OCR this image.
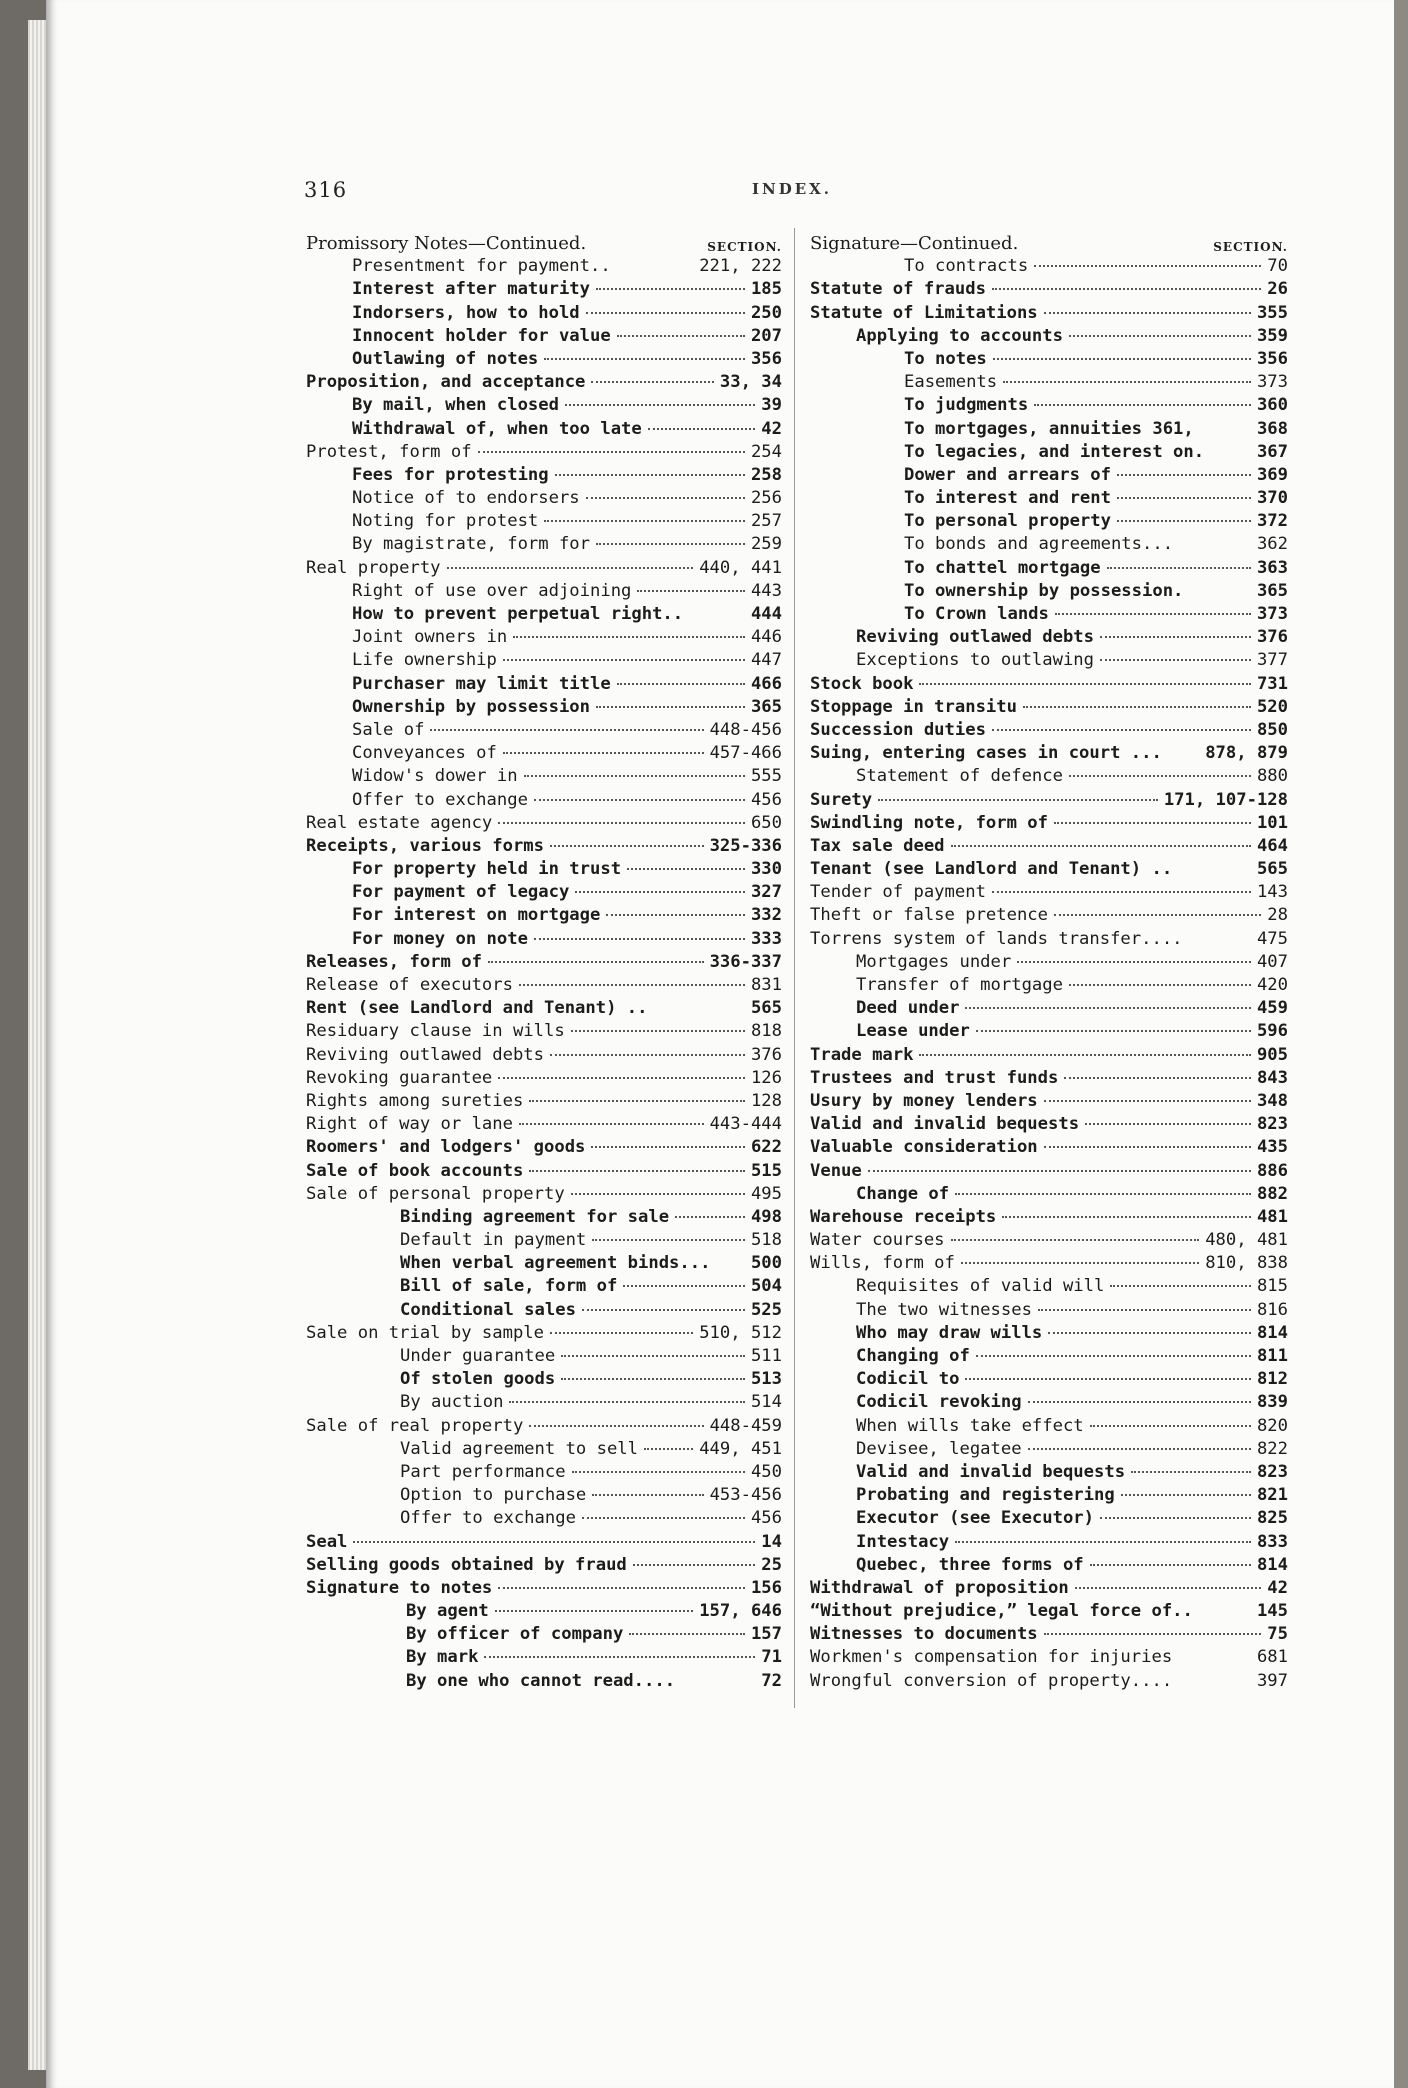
316	INDEX.
Promissory Notes—Continued.	SECTION.
Presentment for payment..	221, 222
Interest after maturity	185
Indorsers, how to hold	250
Innocent holder for value	207
Outlawing of notes	356
Proposition, and acceptance	33, 34
By mail, when closed	39
Withdrawal of, when too late	42
Protest, form of	254
Fees for protesting	258
Notice of to endorsers	256
Noting for protest	257
By magistrate, form for	259
Real property	440, 441
Right of use over adjoining	443
How to prevent perpetual right..	444
Joint owners in	446
Life ownership	447
Purchaser may limit title	466
Ownership by possession	365
Sale of	448-456
Conveyances of	457-466
Widow's dower in	555
Offer to exchange	456
Real estate agency	650
Receipts, various forms	325-336
For property held in trust	330
For payment of legacy	327
For interest on mortgage	332
For money on note	333
Releases, form of	336-337
Release of executors	831
Rent (see Landlord and Tenant) ..	565
Residuary clause in wills	818
Reviving outlawed debts	376
Revoking guarantee	126
Rights among sureties	128
Right of way or lane	443-444
Roomers' and lodgers' goods	622
Sale of book accounts	515
Sale of personal property	495
Binding agreement for sale	498
Default in payment	518
When verbal agreement binds... 500
Bill of sale, form of	504
Conditional sales	525
Sale on trial by sample	510, 512
Under guarantee	511
Of stolen goods	513
By auction	514
Sale of real property	448-459
Valid agreement to sell	449, 451
Part performance	450
Option to purchase	453-456
Offer to exchange	456
Seal	14
Selling goods obtained by fraud	25
Signature to notes	156
By agent	157, 646
By officer of company	157
By mark	71
By one who cannot read....	72
Signature—Continued.	SECTION.
To contracts	70
Statute of frauds	26
Statute of Limitations	355
Applying to accounts	359
To notes	356
Easements	373
To judgments	360
To mortgages, annuities 361,	368
To legacies, and interest on.	367
Dower and arrears of	369
To interest and rent	370
To personal property	372
To bonds and agreements...	362
To chattel mortgage	363
To ownership by possession.	365
To Crown lands	373
Reviving outlawed debts	376
Exceptions to outlawing	377
Stock book	731
Stoppage in transitu	520
Succession duties	850
Suing, entering cases in court ...	878, 879
Statement of defence	880
Surety	171, 107-128
Swindling note, form of	101
Tax sale deed	464
Tenant (see Landlord and Tenant) ..	565
Tender of payment	143
Theft or false pretence	28
Torrens system of lands transfer....	475
Mortgages under	407
Transfer of mortgage	420
Deed under	459
Lease under	596
Trade mark	905
Trustees and trust funds	843
Usury by money lenders	348
Valid and invalid bequests	823
Valuable consideration	435
Venue	886
Change of	882
Warehouse receipts	481
Water courses	480, 481
Wills, form of	810, 838
Requisites of valid will	815
The two witnesses	816
Who may draw wills	814
Changing of	811
Codicil to	812
Codicil revoking	839
When wills take effect	820
Devisee, legatee	822
Valid and invalid bequests	823
Probating and registering	821
Executor (see Executor)	825
Intestacy	833
Quebec, three forms of	814
Withdrawal of proposition	42
“Without prejudice,” legal force of..	145
Witnesses to documents	75
Workmen's compensation for injuries	681
Wrongful conversion of property....	397
